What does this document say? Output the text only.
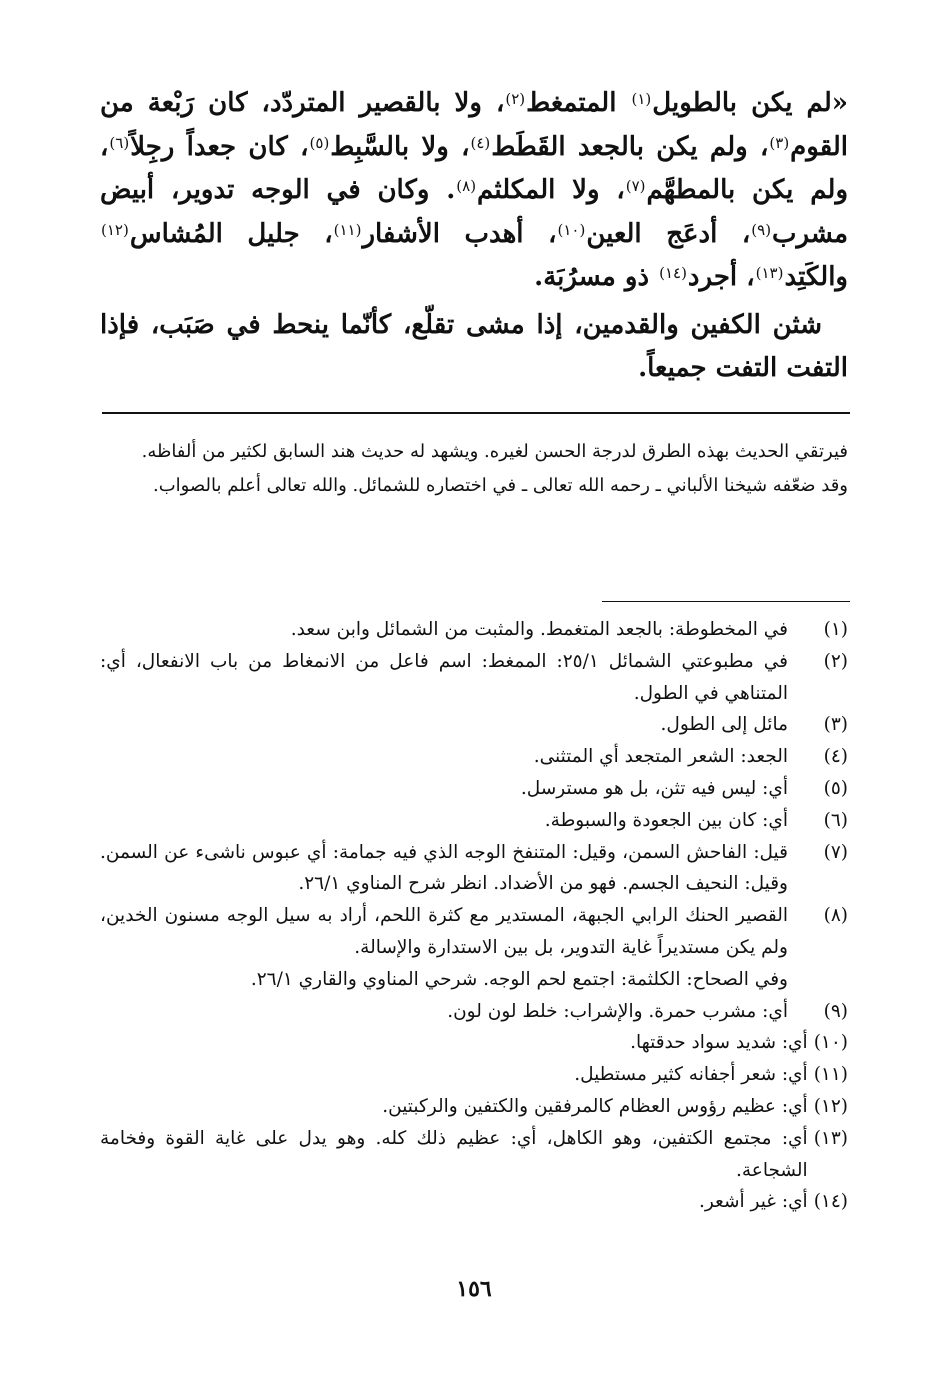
«لم يكن بالطويل$^{(١)}$ المتمغط$^{(٢)}$، ولا بالقصير المتردّد، كان رَبْعة من القوم$^{(٣)}$، ولم يكن بالجعد القَطَط$^{(٤)}$، ولا بالسَّبِط$^{(٥)}$، كان جعداً رجِلاً$^{(٦)}$، ولم يكن بالمطهَّم$^{(٧)}$، ولا المكلثم$^{(٨)}$. وكان في الوجه تدوير، أبيض مشرب$^{(٩)}$، أدعَج العين$^{(١٠)}$، أهدب الأشفار$^{(١١)}$، جليل المُشاس$^{(١٢)}$ والكَتِد$^{(١٣)}$، أجرد$^{(١٤)}$ ذو مسرُبَة.

شثن الكفين والقدمين، إذا مشى تقلّع، كأنّما ينحط في صَبَب، فإذا التفت التفت جميعاً.

فيرتقي الحديث بهذه الطرق لدرجة الحسن لغيره. ويشهد له حديث هند السابق لكثير من ألفاظه.

وقد ضعّفه شيخنا الألباني ـ رحمه الله تعالى ـ في اختصاره للشمائل. والله تعالى أعلم بالصواب.

(١)
في المخطوطة: بالجعد المتغمط. والمثبت من الشمائل وابن سعد.
(٢)
في مطبوعتي الشمائل ٢٥/١: الممغط: اسم فاعل من الانمغاط من باب الانفعال، أي: المتناهي في الطول.
(٣)
مائل إلى الطول.
(٤)
الجعد: الشعر المتجعد أي المتثنى.
(٥)
أي: ليس فيه تثن، بل هو مسترسل.
(٦)
أي: كان بين الجعودة والسبوطة.
(٧)
قيل: الفاحش السمن، وقيل: المتنفخ الوجه الذي فيه جمامة: أي عبوس ناشىء عن السمن. وقيل: النحيف الجسم. فهو من الأضداد. انظر شرح المناوي ٢٦/١.
(٨)
القصير الحنك الرابي الجبهة، المستدير مع كثرة اللحم، أراد به سيل الوجه مسنون الخدين، ولم يكن مستديراً غاية التدوير، بل بين الاستدارة والإسالة.
وفي الصحاح: الكلثمة: اجتمع لحم الوجه. شرحي المناوي والقاري ٢٦/١.
(٩)
أي: مشرب حمرة. والإشراب: خلط لون لون.
(١٠)
أي: شديد سواد حدقتها.
(١١)
أي: شعر أجفانه كثير مستطيل.
(١٢)
أي: عظيم رؤوس العظام كالمرفقين والكتفين والركبتين.
(١٣)
أي: مجتمع الكتفين، وهو الكاهل، أي: عظيم ذلك كله. وهو يدل على غاية القوة وفخامة الشجاعة.
(١٤)
أي: غير أشعر.
١٥٦
